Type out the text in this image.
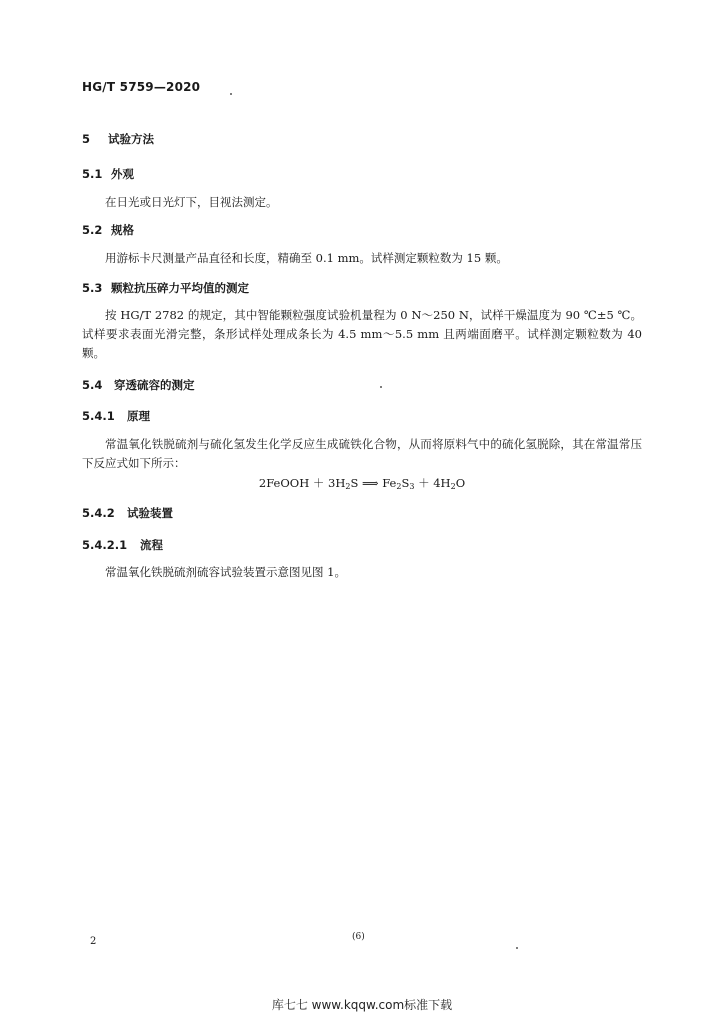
HG/T 5759—2020
5 试验方法
5.1 外观
在日光或日光灯下，目视法测定。
5.2 规格
用游标卡尺测量产品直径和长度，精确至 0.1 mm。试样测定颗粒数为 15 颗。
5.3 颗粒抗压碎力平均值的测定
按 HG/T 2782 的规定，其中智能颗粒强度试验机量程为 0 N～250 N，试样干燥温度为 90 ℃±5 ℃。试样要求表面光滑完整，条形试样处理成条长为 4.5 mm～5.5 mm 且两端面磨平。试样测定颗粒数为 40 颗。
5.4 穿透硫容的测定
5.4.1 原理
常温氧化铁脱硫剂与硫化氢发生化学反应生成硫铁化合物，从而将原料气中的硫化氢脱除，其在常温常压下反应式如下所示：
2FeOOH ＋ $3H_2S$ ⟹ $Fe_2S_3 + 4H_2O$
5.4.2 试验装置
5.4.2.1 流程
常温氧化铁脱硫剂硫容试验装置示意图见图 1。
2	(6)
库七七 www.kqqw.com标准下载
